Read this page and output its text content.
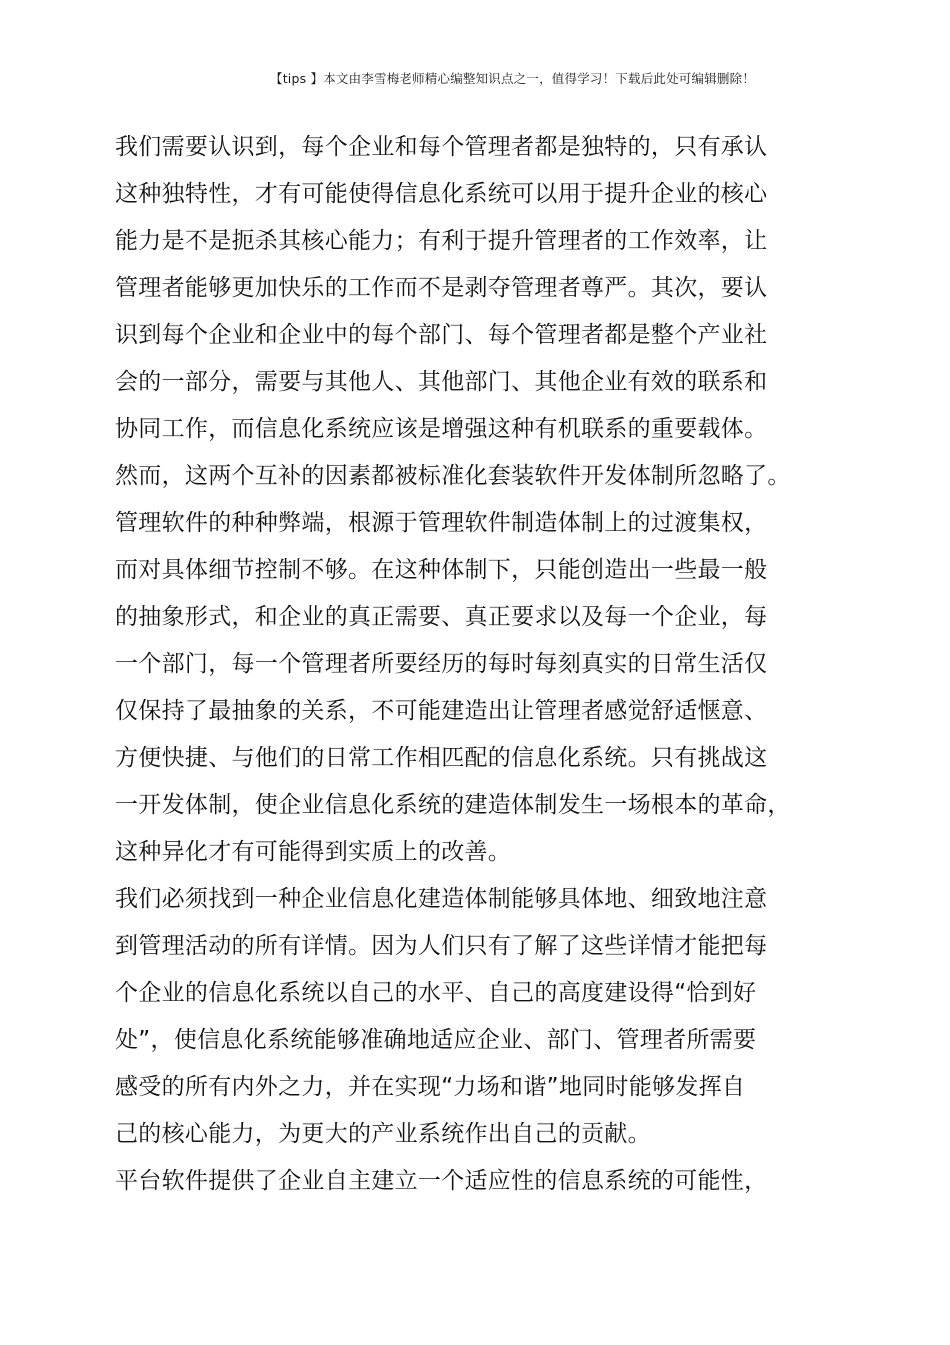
【tips 】本文由李雪梅老师精心编整知识点之一，值得学习！下载后此处可编辑删除！
我们需要认识到，每个企业和每个管理者都是独特的，只有承认
这种独特性，才有可能使得信息化系统可以用于提升企业的核心
能力是不是扼杀其核心能力；有利于提升管理者的工作效率，让
管理者能够更加快乐的工作而不是剥夺管理者尊严。其次，要认
识到每个企业和企业中的每个部门、每个管理者都是整个产业社
会的一部分，需要与其他人、其他部门、其他企业有效的联系和
协同工作，而信息化系统应该是增强这种有机联系的重要载体。
然而，这两个互补的因素都被标准化套装软件开发体制所忽略了。
管理软件的种种弊端，根源于管理软件制造体制上的过渡集权，
而对具体细节控制不够。在这种体制下，只能创造出一些最一般
的抽象形式，和企业的真正需要、真正要求以及每一个企业，每
一个部门，每一个管理者所要经历的每时每刻真实的日常生活仅
仅保持了最抽象的关系，不可能建造出让管理者感觉舒适惬意、
方便快捷、与他们的日常工作相匹配的信息化系统。只有挑战这
一开发体制，使企业信息化系统的建造体制发生一场根本的革命，
这种异化才有可能得到实质上的改善。
我们必须找到一种企业信息化建造体制能够具体地、细致地注意
到管理活动的所有详情。因为人们只有了解了这些详情才能把每
个企业的信息化系统以自己的水平、自己的高度建设得“恰到好
处”，使信息化系统能够准确地适应企业、部门、管理者所需要
感受的所有内外之力，并在实现“力场和谐”地同时能够发挥自
己的核心能力，为更大的产业系统作出自己的贡献。
平台软件提供了企业自主建立一个适应性的信息系统的可能性，
